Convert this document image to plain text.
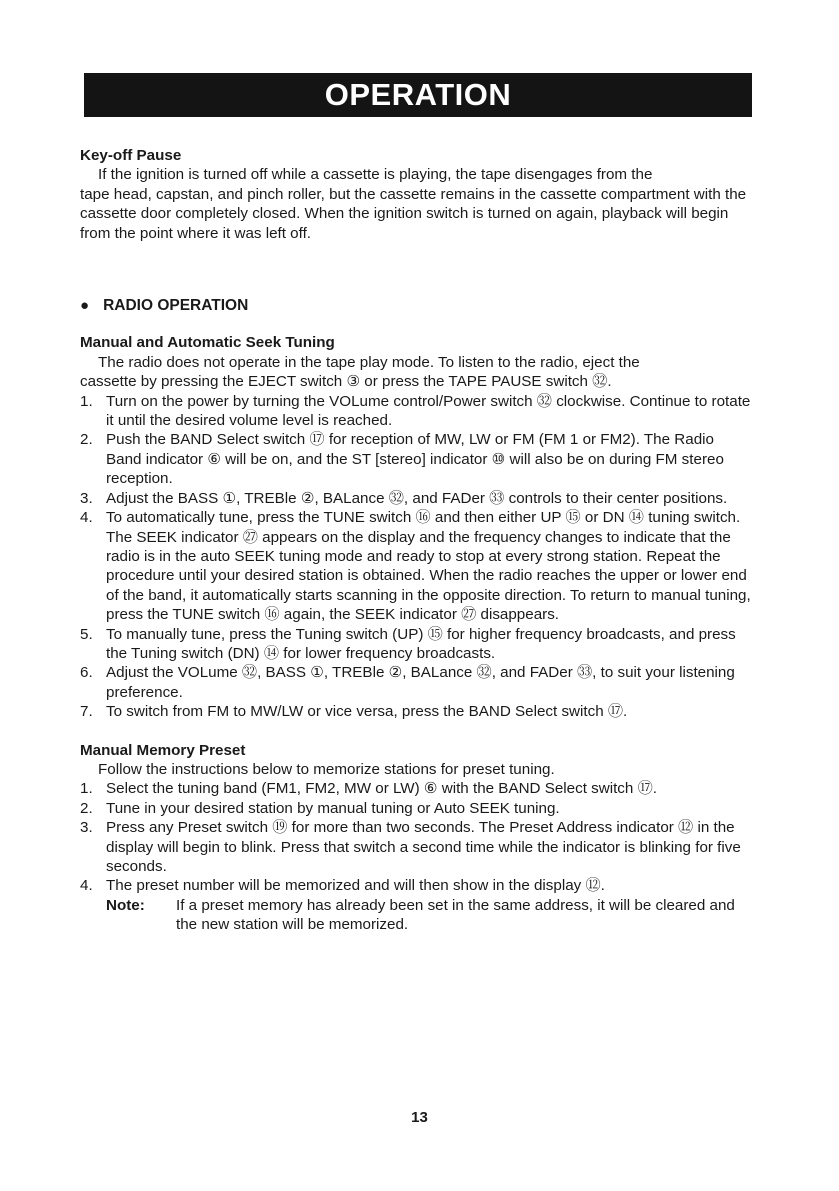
OPERATION
Key-off Pause
If the ignition is turned off while a cassette is playing, the tape disengages from the
tape head, capstan, and pinch roller, but the cassette remains in the cassette compartment with the cassette door completely closed. When the ignition switch is turned on again, playback will begin from the point where it was left off.
● RADIO OPERATION
Manual and Automatic Seek Tuning
The radio does not operate in the tape play mode. To listen to the radio, eject the
cassette by pressing the EJECT switch ③ or press the TAPE PAUSE switch ㉜.
1. Turn on the power by turning the VOLume control/Power switch ㉜ clockwise. Continue to rotate it until the desired volume level is reached.
2. Push the BAND Select switch ⑰ for reception of MW, LW or FM (FM 1 or FM2). The Radio Band indicator ⑥ will be on, and the ST [stereo] indicator ⑩ will also be on during FM stereo reception.
3. Adjust the BASS ①, TREBle ②, BALance ㉜, and FADer ㉝ controls to their center positions.
4. To automatically tune, press the TUNE switch ⑯ and then either UP ⑮ or DN ⑭ tuning switch. The SEEK indicator ㉗ appears on the display and the frequency changes to indicate that the radio is in the auto SEEK tuning mode and ready to stop at every strong station. Repeat the procedure until your desired station is obtained. When the radio reaches the upper or lower end of the band, it automatically starts scanning in the opposite direction. To return to manual tuning, press the TUNE switch ⑯ again, the SEEK indicator ㉗ disappears.
5. To manually tune, press the Tuning switch (UP) ⑮ for higher frequency broadcasts, and press the Tuning switch (DN) ⑭ for lower frequency broadcasts.
6. Adjust the VOLume ㉜, BASS ①, TREBle ②, BALance ㉜, and FADer ㉝, to suit your listening preference.
7. To switch from FM to MW/LW or vice versa, press the BAND Select switch ⑰.
Manual Memory Preset
Follow the instructions below to memorize stations for preset tuning.
1. Select the tuning band (FM1, FM2, MW or LW) ⑥ with the BAND Select switch ⑰.
2. Tune in your desired station by manual tuning or Auto SEEK tuning.
3. Press any Preset switch ⑲ for more than two seconds. The Preset Address indicator ⑫ in the display will begin to blink. Press that switch a second time while the indicator is blinking for five seconds.
4. The preset number will be memorized and will then show in the display ⑫.
Note:	If a preset memory has already been set in the same address, it will be cleared and the new station will be memorized.
13
